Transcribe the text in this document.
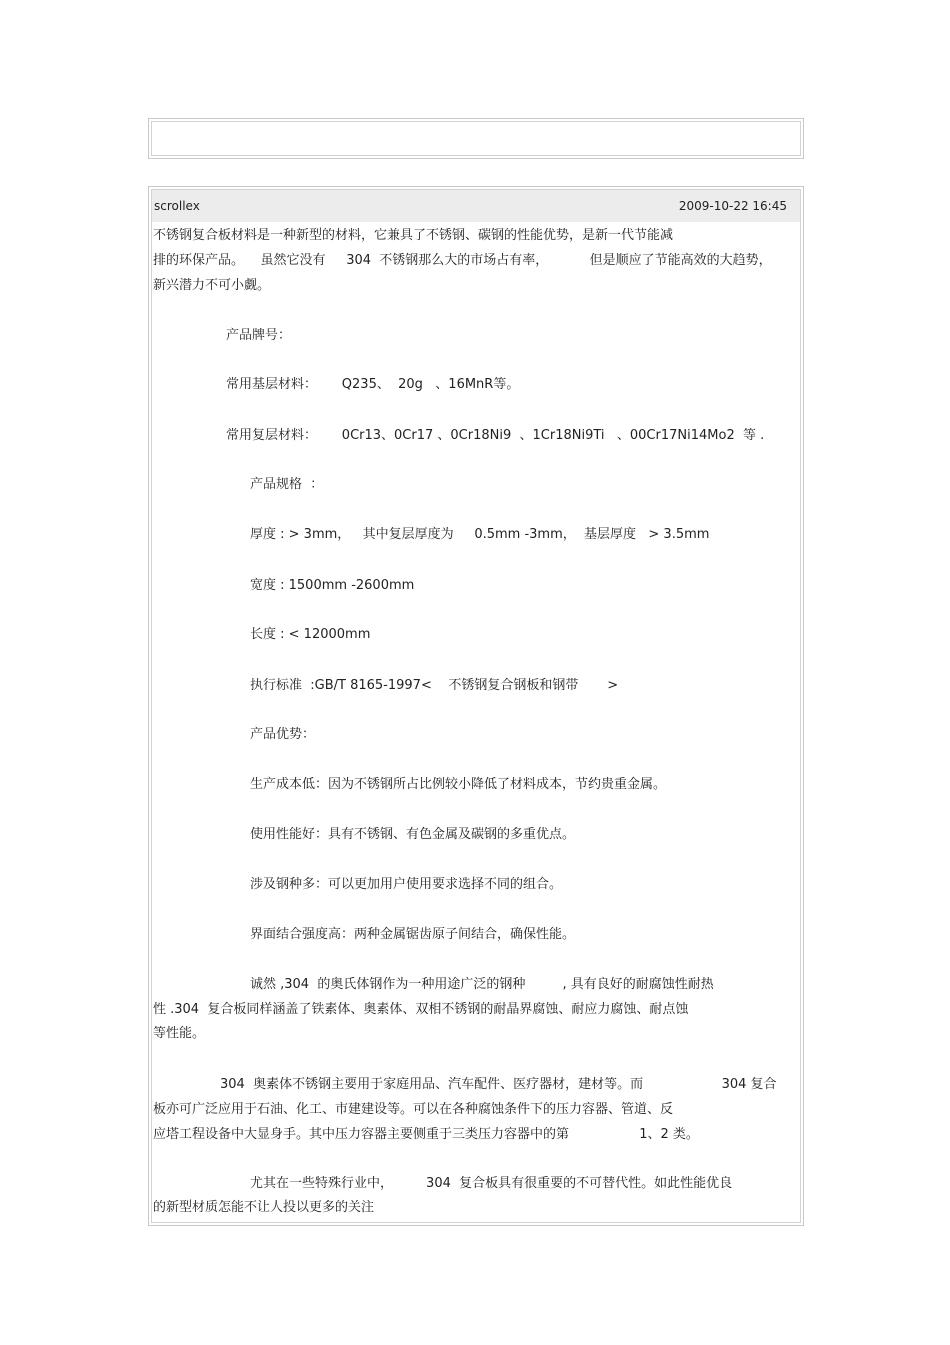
scrollex	2009-10-22 16:45
不锈钢复合板材料是一种新型的材料，它兼具了不锈钢、碳钢的性能优势，是新一代节能减
排的环保产品。    虽然它没有     304  不锈钢那么大的市场占有率，          但是顺应了节能高效的大趋势，
新兴潜力不可小觑。
产品牌号：
常用基层材料：      Q235、  20g   、16MnR等。
常用复层材料：      0Cr13、0Cr17 、0Cr18Ni9  、1Cr18Ni9Ti   、00Cr17Ni14Mo2  等 .
产品规格  ：
厚度 : > 3mm，   其中复层厚度为     0.5mm -3mm，  基层厚度   > 3.5mm
宽度 : 1500mm -2600mm
长度 : < 12000mm
执行标准  :GB/T 8165-1997<    不锈钢复合钢板和钢带       >
产品优势：
生产成本低：因为不锈钢所占比例较小降低了材料成本，节约贵重金属。
使用性能好：具有不锈钢、有色金属及碳钢的多重优点。
涉及钢种多：可以更加用户使用要求选择不同的组合。
界面结合强度高：两种金属锯齿原子间结合，确保性能。
诚然 ,304  的奥氏体钢作为一种用途广泛的钢种         , 具有良好的耐腐蚀性耐热
性 .304  复合板同样涵盖了铁素体、奥素体、双相不锈钢的耐晶界腐蚀、耐应力腐蚀、耐点蚀
等性能。
304  奥素体不锈钢主要用于家庭用品、汽车配件、医疗器材，建材等。而                   304 复合
板亦可广泛应用于石油、化工、市建建设等。可以在各种腐蚀条件下的压力容器、管道、反
应塔工程设备中大显身手。其中压力容器主要侧重于三类压力容器中的第                 1、2 类。
尤其在一些特殊行业中，        304  复合板具有很重要的不可替代性。如此性能优良
的新型材质怎能不让人投以更多的关注
